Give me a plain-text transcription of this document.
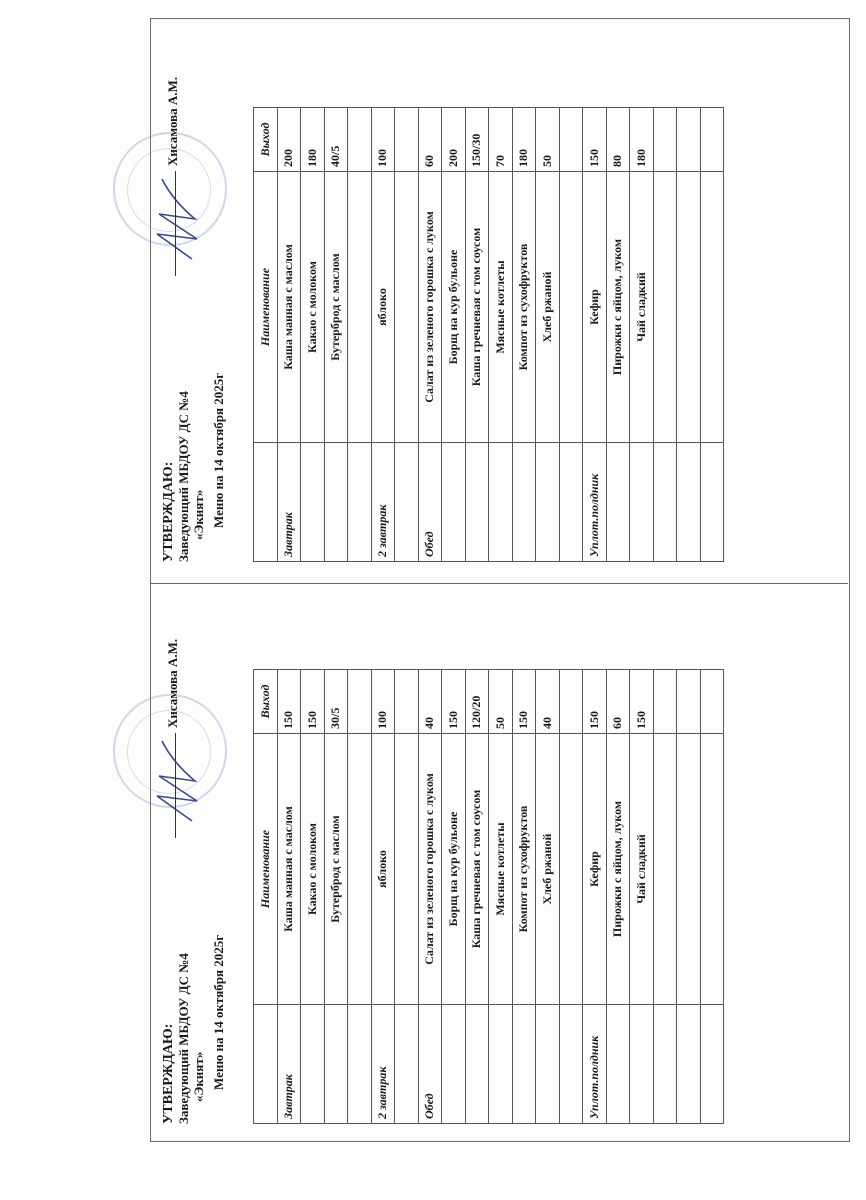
УТВЕРЖДАЮ: Заведующий МБДОУ ДС №4 «Экият»
Хисамова А.М.
Меню на 14 октября 2025г
	Наименование	Выход
Завтрак	Каша манная с маслом	200
	Какао с молоком	180
	Бутерброд с маслом	40/5

2 завтрак	яблоко	100

Обед	Салат из зеленого горошка с луком	60
	Борщ на кур бульоне	200
	Каша гречневая с том соусом	150/30
	Мясные котлеты	70
	Компот из сухофруктов	180
	Хлеб ржаной	50

Уплот.полдник	Кефир	150
	Пирожки с яйцом, луком	80
	Чай сладкий	180

УТВЕРЖДАЮ: Заведующий МБДОУ ДС №4 «Экият»
Хисамова А.М.
Меню на 14 октября 2025г
	Наименование	Выход
Завтрак	Каша манная с маслом	150
	Какао с молоком	150
	Бутерброд с маслом	30/5

2 завтрак	яблоко	100

Обед	Салат из зеленого горошка с луком	40
	Борщ на кур бульоне	150
	Каша гречневая с том соусом	120/20
	Мясные котлеты	50
	Компот из сухофруктов	150
	Хлеб ржаной	40

Уплот.полдник	Кефир	150
	Пирожки с яйцом, луком	60
	Чай сладкий	150
